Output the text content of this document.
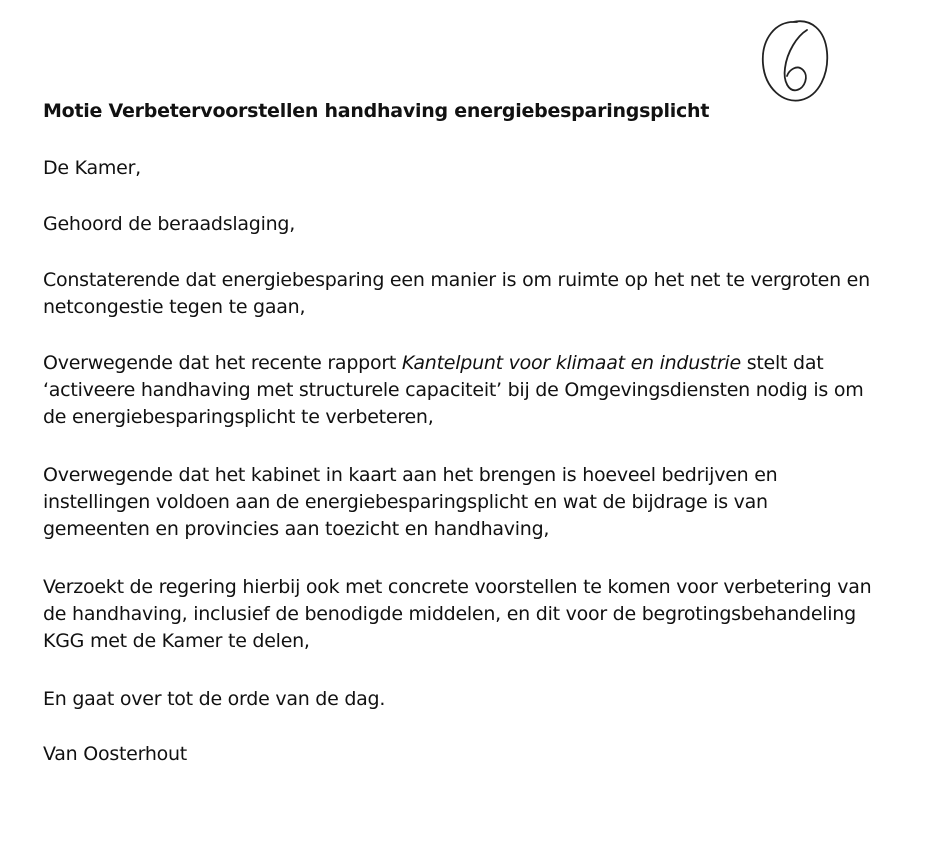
6

Motie Verbetervoorstellen handhaving energiebesparingsplicht

De Kamer,

Gehoord de beraadslaging,

Constaterende dat energiebesparing een manier is om ruimte op het net te vergroten en
netcongestie tegen te gaan,

Overwegende dat het recente rapport Kantelpunt voor klimaat en industrie stelt dat
‘activeere handhaving met structurele capaciteit’ bij de Omgevingsdiensten nodig is om
de energiebesparingsplicht te verbeteren,

Overwegende dat het kabinet in kaart aan het brengen is hoeveel bedrijven en
instellingen voldoen aan de energiebesparingsplicht en wat de bijdrage is van
gemeenten en provincies aan toezicht en handhaving,

Verzoekt de regering hierbij ook met concrete voorstellen te komen voor verbetering van
de handhaving, inclusief de benodigde middelen, en dit voor de begrotingsbehandeling
KGG met de Kamer te delen,

En gaat over tot de orde van de dag.

Van Oosterhout
